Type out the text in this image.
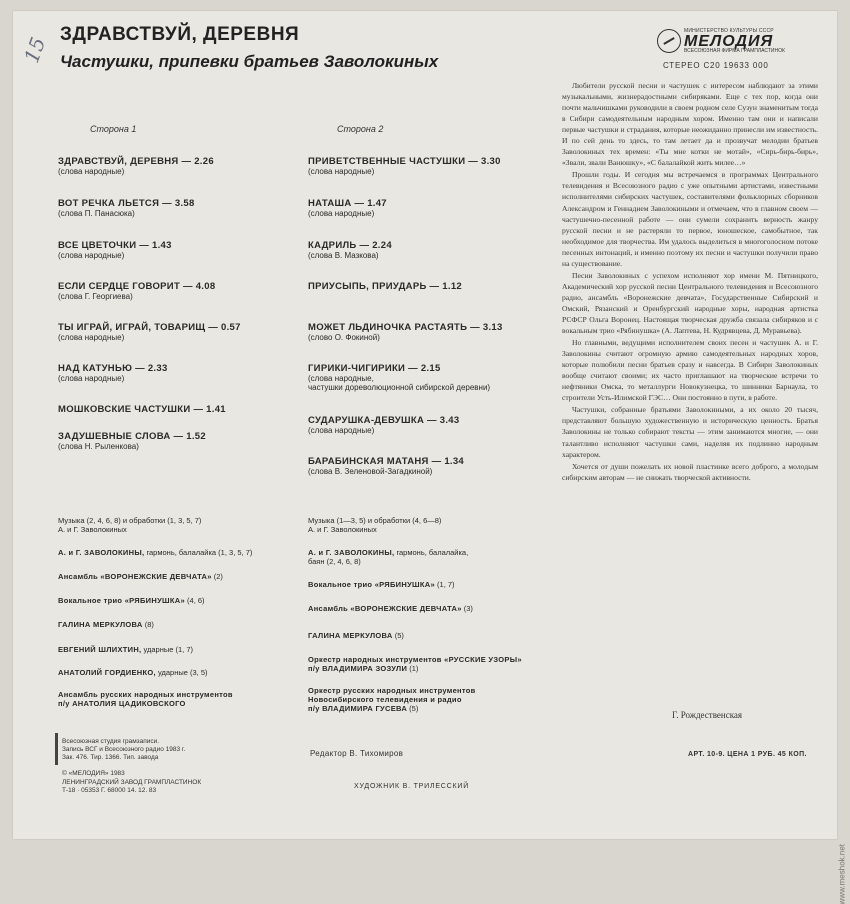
ЗДРАВСТВУЙ, ДЕРЕВНЯ
Частушки, припевки братьев Заволокиных
15
МИНИСТЕРСТВО КУЛЬТУРЫ СССР
МЕЛОДИЯ
ВСЕСОЮЗНАЯ ФИРМА ГРАМПЛАСТИНОК
СТЕРЕО С20 19633 000
Сторона 1	Сторона 2
ЗДРАВСТВУЙ, ДЕРЕВНЯ — 2.26
(слова народные)
ВОТ РЕЧКА ЛЬЕТСЯ — 3.58
(слова П. Панасюка)
ВСЕ ЦВЕТОЧКИ — 1.43
(слова народные)
ЕСЛИ СЕРДЦЕ ГОВОРИТ — 4.08
(слова Г. Георгиева)
ТЫ ИГРАЙ, ИГРАЙ, ТОВАРИЩ — 0.57
(слова народные)
НАД КАТУНЬЮ — 2.33
(слова народные)
МОШКОВСКИЕ ЧАСТУШКИ — 1.41
ЗАДУШЕВНЫЕ СЛОВА — 1.52
(слова Н. Рыленкова)
ПРИВЕТСТВЕННЫЕ ЧАСТУШКИ — 3.30
(слова народные)
НАТАША — 1.47
(слова народные)
КАДРИЛЬ — 2.24
(слова В. Мазкова)
ПРИУСЫПЬ, ПРИУДАРЬ — 1.12
МОЖЕТ ЛЬДИНОЧКА РАСТАЯТЬ — 3.13
(слово О. Фокиной)
ГИРИКИ-ЧИГИРИКИ — 2.15
(слова народные,
частушки дореволюционной сибирской деревни)
СУДАРУШКА-ДЕВУШКА — 3.43
(слова народные)
БАРАБИНСКАЯ МАТАНЯ — 1.34
(слова В. Зеленовой-Загадкиной)
Музыка (2, 4, 6, 8) и обработки (1, 3, 5, 7)
А. и Г. Заволокиных
А. и Г. ЗАВОЛОКИНЫ, гармонь, балалайка (1, 3, 5, 7)
Ансамбль «ВОРОНЕЖСКИЕ ДЕВЧАТА» (2)
Вокальное трио «РЯБИНУШКА» (4, 6)
ГАЛИНА МЕРКУЛОВА (8)
ЕВГЕНИЙ ШЛИХТИН, ударные (1, 7)
АНАТОЛИЙ ГОРДИЕНКО, ударные (3, 5)
Ансамбль русских народных инструментов
п/у АНАТОЛИЯ ЦАДИКОВСКОГО
Музыка (1—3, 5) и обработки (4, 6—8)
А. и Г. Заволокиных
А. и Г. ЗАВОЛОКИНЫ, гармонь, балалайка,
баян (2, 4, 6, 8)
Вокальное трио «РЯБИНУШКА» (1, 7)
Ансамбль «ВОРОНЕЖСКИЕ ДЕВЧАТА» (3)
ГАЛИНА МЕРКУЛОВА (5)
Оркестр народных инструментов «РУССКИЕ УЗОРЫ»
п/у ВЛАДИМИРА ЗОЗУЛИ (1)
Оркестр русских народных инструментов
Новосибирского телевидения и радио
п/у ВЛАДИМИРА ГУСЕВА (5)

Любители русской песни и частушек с интересом наблюдают за этими музыкальными, жизнерадостными сибиряками. Еще с тех пор, когда они почти мальчишками руководили в своем родном селе Сузун знаменитым тогда в Сибири самодеятельным народным хором. Именно там они и написали первые частушки и страдания, которые неожиданно принесли им известность. И по сей день то здесь, то там летает да и прозвучат мелодии братьев Заволокиных тех времен: «Ты мне котки не мотай», «Сирь-бирь-бирь», «Звали, звали Ванюшку», «С балалайкой жить милее…»

Прошли годы. И сегодня мы встречаемся в программах Центрального телевидения и Всесоюзного радио с уже опытными артистами, известными исполнителями сибирских частушек, составителями фольклорных сборников Александром и Геннадием Заволокиными и отмечаем, что в главном своем — частушечно-песенной работе — они сумели сохранить верность жанру русской песни и не растеряли то первое, юношеское, самобытное, так необходимое для творчества. Им удалось выделиться в многоголосном потоке песенных интонаций, и именно поэтому их песни и частушки получили право на существование.

Песни Заволокиных с успехом исполняют хор имени М. Пятницкого, Академический хор русской песни Центрального телевидения и Всесоюзного радио, ансамбль «Воронежские девчата», Государственные Сибирский и Омский, Рязанский и Оренбургский народные хоры, народная артистка РСФСР Ольга Воронец. Настоящая творческая дружба связала сибиряков и с вокальным трио «Рябинушка» (А. Лаптева, Н. Кудрявцева, Д. Муравьева).

Но главными, ведущими исполнителем своих песен и частушек А. и Г. Заволокины считают огромную армию самодеятельных народных хоров, которые полюбили песни братьев сразу и навсегда. В Сибири Заволокиных вообще считают своими; их часто приглашают на творческие встречи то нефтяники Омска, то металлурги Новокузнецка, то шинники Барнаула, то строители Усть-Илимской ГЭС… Они постоянно в пути, в работе.

Частушки, собранные братьями Заволокиными, а их около 20 тысяч, представляют большую художественную и историческую ценность. Братья Заволокины не только собирают тексты — этим занимаются многие, — они талантливо исполняют частушки сами, наделяя их подлинно народным характером.

Хочется от души пожелать их новой пластинке всего доброго, а молодым сибирским авторам — не снижать творческой активности.

Г. Рождественская
Всесоюзная студия грамзаписи.
Запись ВСГ и Всесоюзного радио 1983 г.
Зак. 476. Тир. 1366. Тип. завода
© «МЕЛОДИЯ» 1983
ЛЕНИНГРАДСКИЙ ЗАВОД ГРАМПЛАСТИНОК
Т-18 · 05353 Г. 68000 14. 12. 83
Редактор В. Тихомиров
ХУДОЖНИК В. ТРИЛЕССКИЙ
АРТ. 10-9. ЦЕНА 1 РУБ. 45 КОП.
www.meshok.net
